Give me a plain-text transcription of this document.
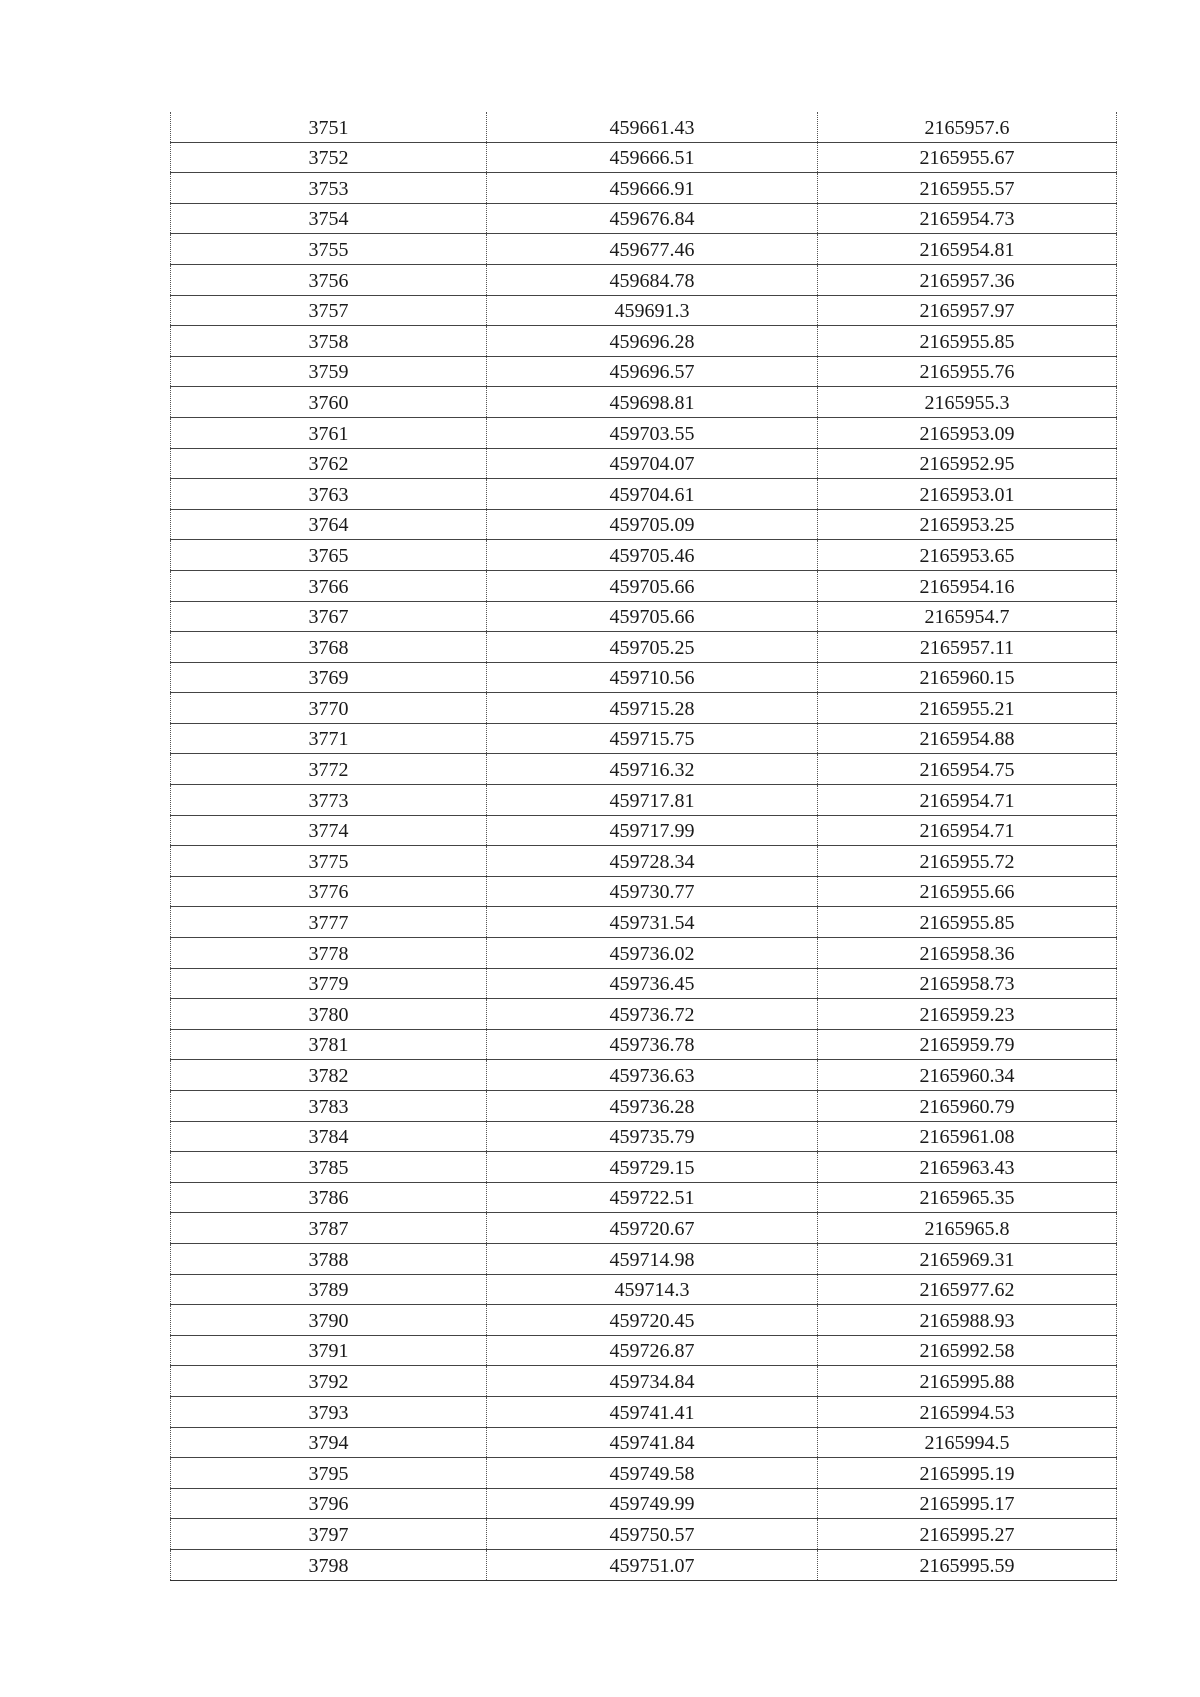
3751	459661.43	2165957.6
3752	459666.51	2165955.67
3753	459666.91	2165955.57
3754	459676.84	2165954.73
3755	459677.46	2165954.81
3756	459684.78	2165957.36
3757	459691.3	2165957.97
3758	459696.28	2165955.85
3759	459696.57	2165955.76
3760	459698.81	2165955.3
3761	459703.55	2165953.09
3762	459704.07	2165952.95
3763	459704.61	2165953.01
3764	459705.09	2165953.25
3765	459705.46	2165953.65
3766	459705.66	2165954.16
3767	459705.66	2165954.7
3768	459705.25	2165957.11
3769	459710.56	2165960.15
3770	459715.28	2165955.21
3771	459715.75	2165954.88
3772	459716.32	2165954.75
3773	459717.81	2165954.71
3774	459717.99	2165954.71
3775	459728.34	2165955.72
3776	459730.77	2165955.66
3777	459731.54	2165955.85
3778	459736.02	2165958.36
3779	459736.45	2165958.73
3780	459736.72	2165959.23
3781	459736.78	2165959.79
3782	459736.63	2165960.34
3783	459736.28	2165960.79
3784	459735.79	2165961.08
3785	459729.15	2165963.43
3786	459722.51	2165965.35
3787	459720.67	2165965.8
3788	459714.98	2165969.31
3789	459714.3	2165977.62
3790	459720.45	2165988.93
3791	459726.87	2165992.58
3792	459734.84	2165995.88
3793	459741.41	2165994.53
3794	459741.84	2165994.5
3795	459749.58	2165995.19
3796	459749.99	2165995.17
3797	459750.57	2165995.27
3798	459751.07	2165995.59
